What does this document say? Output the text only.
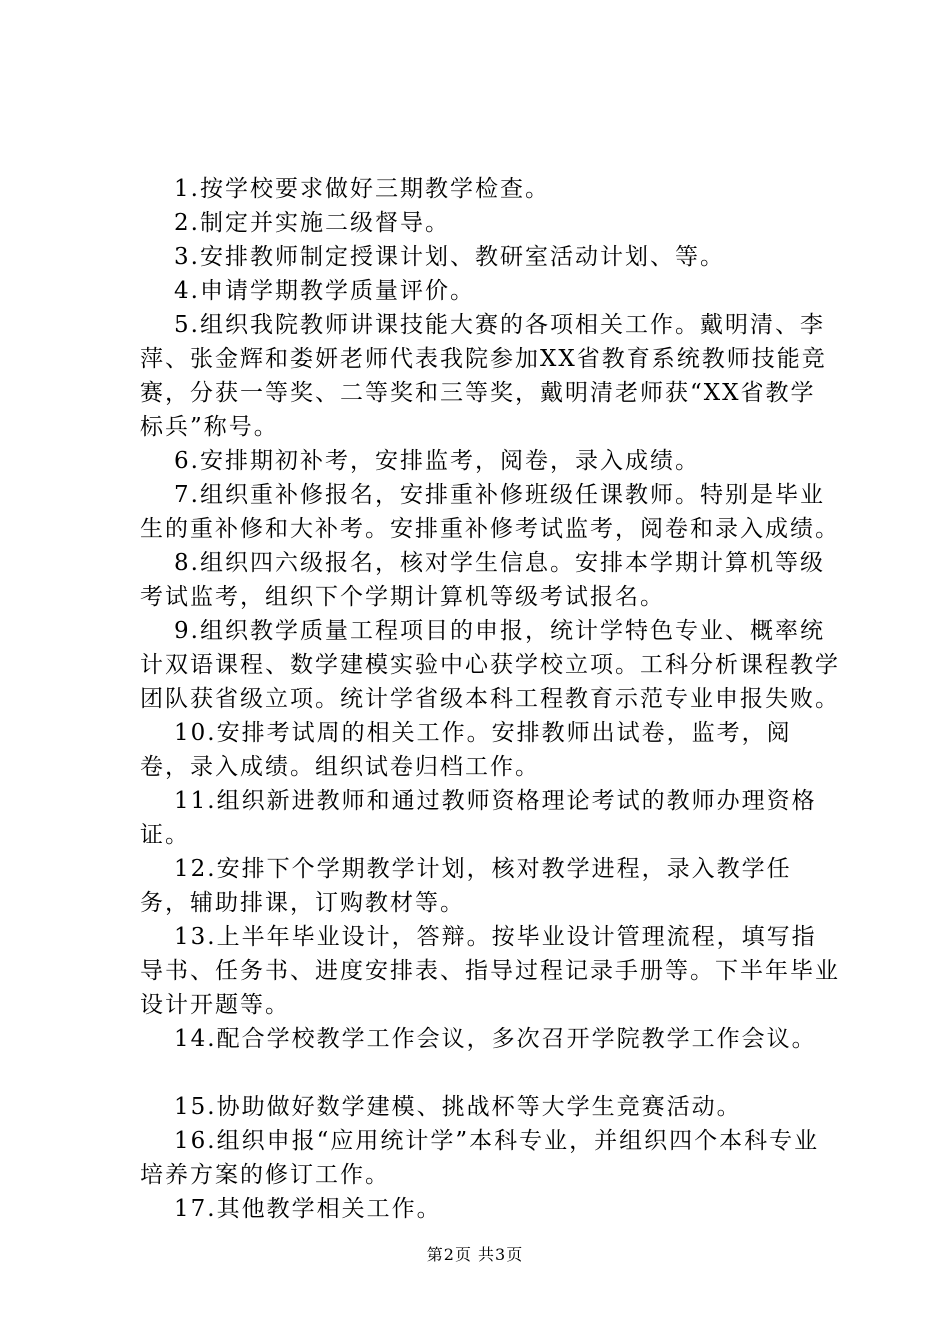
1.按学校要求做好三期教学检查。

2.制定并实施二级督导。

3.安排教师制定授课计划、教研室活动计划、等。

4.申请学期教学质量评价。

5.组织我院教师讲课技能大赛的各项相关工作。戴明清、李萍、张金辉和娄妍老师代表我院参加XX省教育系统教师技能竞赛，分获一等奖、二等奖和三等奖，戴明清老师获“XX省教学标兵”称号。

6.安排期初补考，安排监考，阅卷，录入成绩。

7.组织重补修报名，安排重补修班级任课教师。特别是毕业生的重补修和大补考。安排重补修考试监考，阅卷和录入成绩。

8.组织四六级报名，核对学生信息。安排本学期计算机等级考试监考，组织下个学期计算机等级考试报名。

9.组织教学质量工程项目的申报，统计学特色专业、概率统计双语课程、数学建模实验中心获学校立项。工科分析课程教学团队获省级立项。统计学省级本科工程教育示范专业申报失败。

10.安排考试周的相关工作。安排教师出试卷，监考，阅卷，录入成绩。组织试卷归档工作。

11.组织新进教师和通过教师资格理论考试的教师办理资格证。

12.安排下个学期教学计划，核对教学进程，录入教学任务，辅助排课，订购教材等。

13.上半年毕业设计，答辩。按毕业设计管理流程，填写指导书、任务书、进度安排表、指导过程记录手册等。下半年毕业设计开题等。

14.配合学校教学工作会议，多次召开学院教学工作会议。

15.协助做好数学建模、挑战杯等大学生竞赛活动。

16.组织申报“应用统计学”本科专业，并组织四个本科专业培养方案的修订工作。

17.其他教学相关工作。

第2页 共3页
